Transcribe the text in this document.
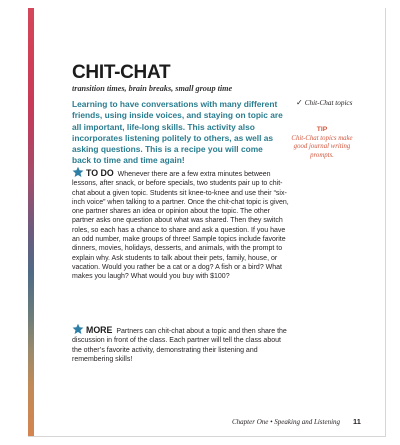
CHIT-CHAT
transition times, brain breaks, small group time
Learning to have conversations with many different friends, using inside voices, and staying on topic are all important, life-long skills. This activity also incorporates listening politely to others, as well as asking questions. This is a recipe you will come back to time and time again!
TO DO Whenever there are a few extra minutes between lessons, after snack, or before specials, two students pair up to chit-chat about a given topic. Students sit knee-to-knee and use their “six-inch voice” when talking to a partner. Once the chit-chat topic is given, one partner shares an idea or opinion about the topic. The other partner asks one question about what was shared. Then they switch roles, so each has a chance to share and ask a question. If you have an odd number, make groups of three! Sample topics include favorite dinners, movies, holidays, desserts, and animals, with the prompt to explain why. Ask students to talk about their pets, family, house, or vacation. Would you rather be a cat or a dog? A fish or a bird? What makes you laugh? What would you buy with $100?
MORE Partners can chit-chat about a topic and then share the discussion in front of the class. Each partner will tell the class about the other’s favorite activity, demonstrating their listening and remembering skills!
✓ Chit-Chat topics
TIP
Chit-Chat topics make good journal writing prompts.
Chapter One • Speaking and Listening 11
